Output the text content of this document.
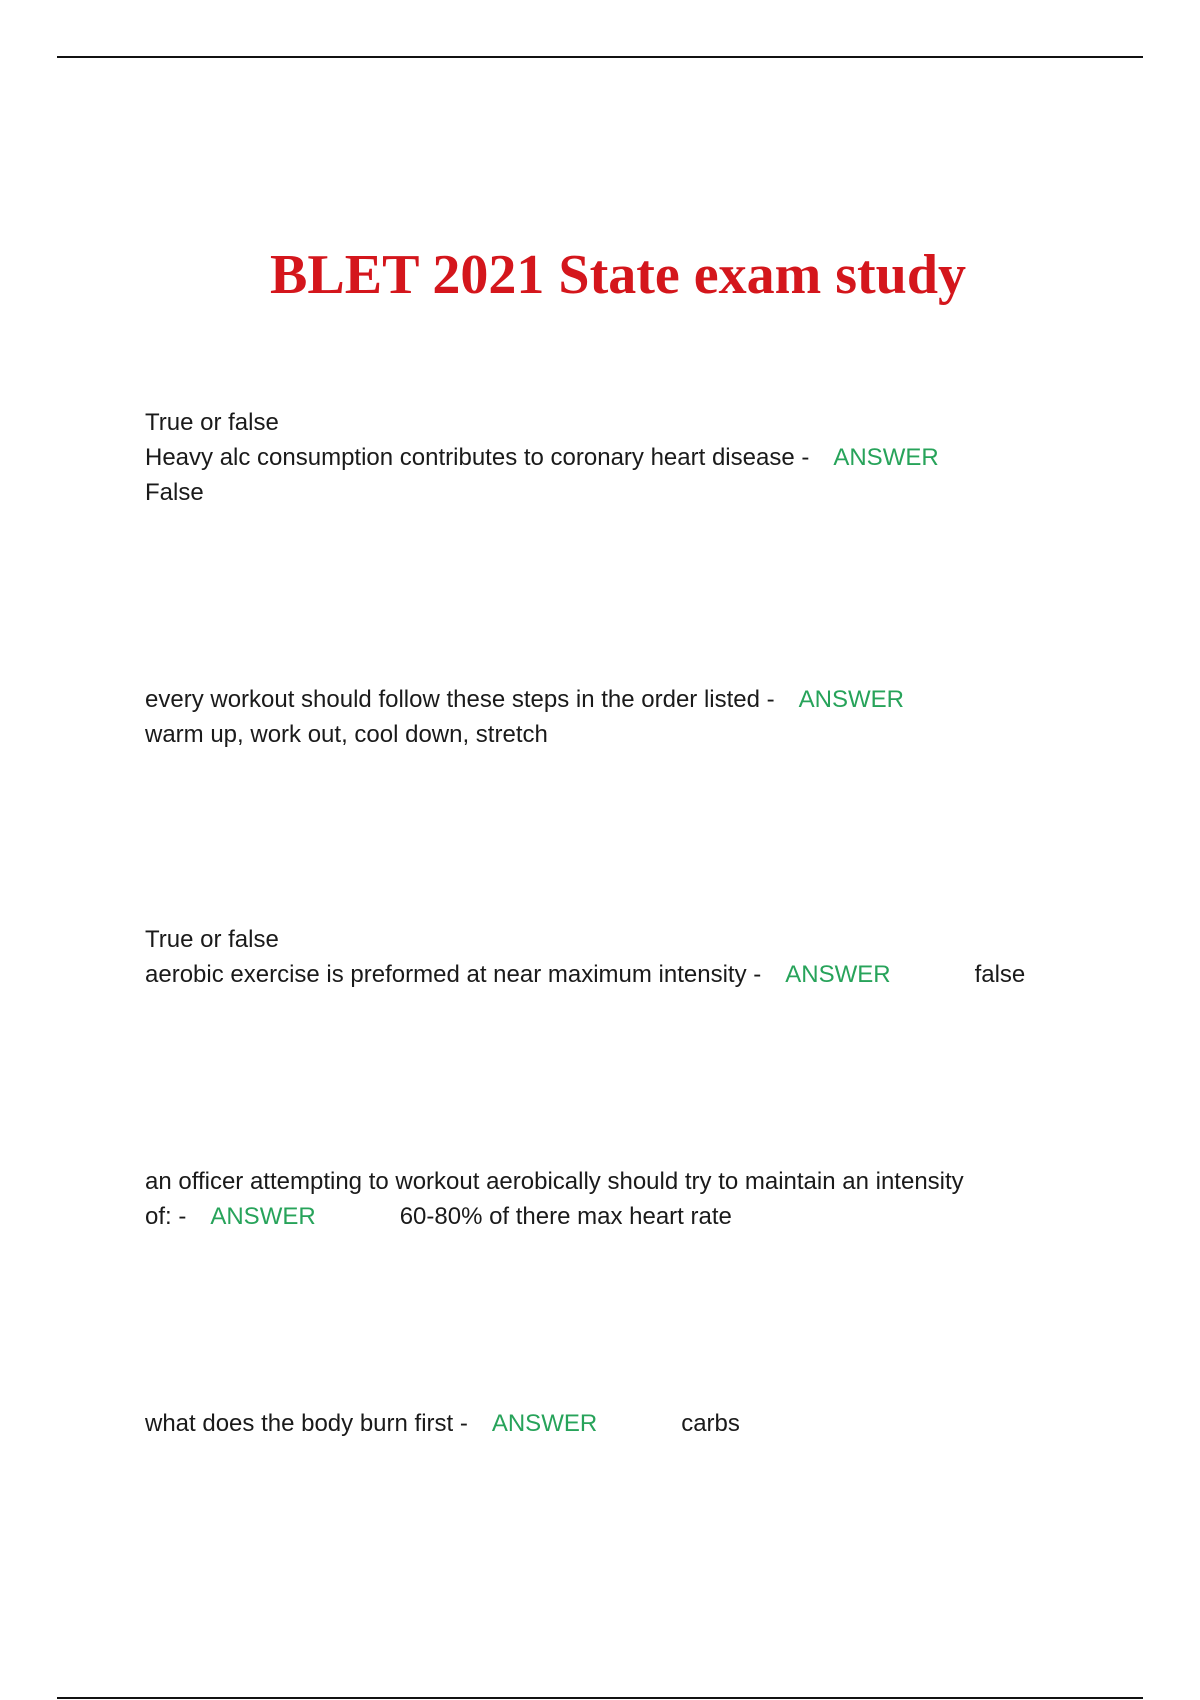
BLET 2021 State exam study
True or false
Heavy alc consumption contributes to coronary heart disease - ANSWER
False
every workout should follow these steps in the order listed - ANSWER
warm up, work out, cool down, stretch
True or false
aerobic exercise is preformed at near maximum intensity - ANSWER	false
an officer attempting to workout aerobically should try to maintain an intensity
of: - ANSWER	60-80% of there max heart rate
what does the body burn first - ANSWER	carbs
